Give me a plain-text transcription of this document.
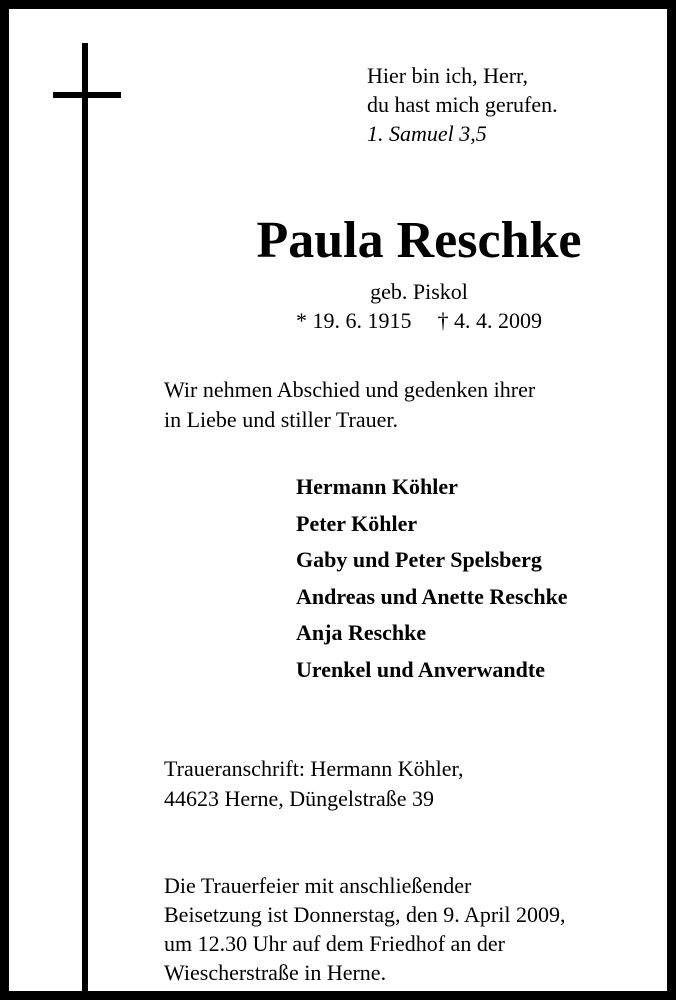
Hier bin ich, Herr,
du hast mich gerufen.
1. Samuel 3,5
Paula Reschke
geb. Piskol
* 19. 6. 1915 † 4. 4. 2009
Wir nehmen Abschied und gedenken ihrer
in Liebe und stiller Trauer.
Hermann Köhler
Peter Köhler
Gaby und Peter Spelsberg
Andreas und Anette Reschke
Anja Reschke
Urenkel und Anverwandte
Traueranschrift: Hermann Köhler,
44623 Herne, Düngelstraße 39
Die Trauerfeier mit anschließender
Beisetzung ist Donnerstag, den 9. April 2009,
um 12.30 Uhr auf dem Friedhof an der
Wiescherstraße in Herne.
